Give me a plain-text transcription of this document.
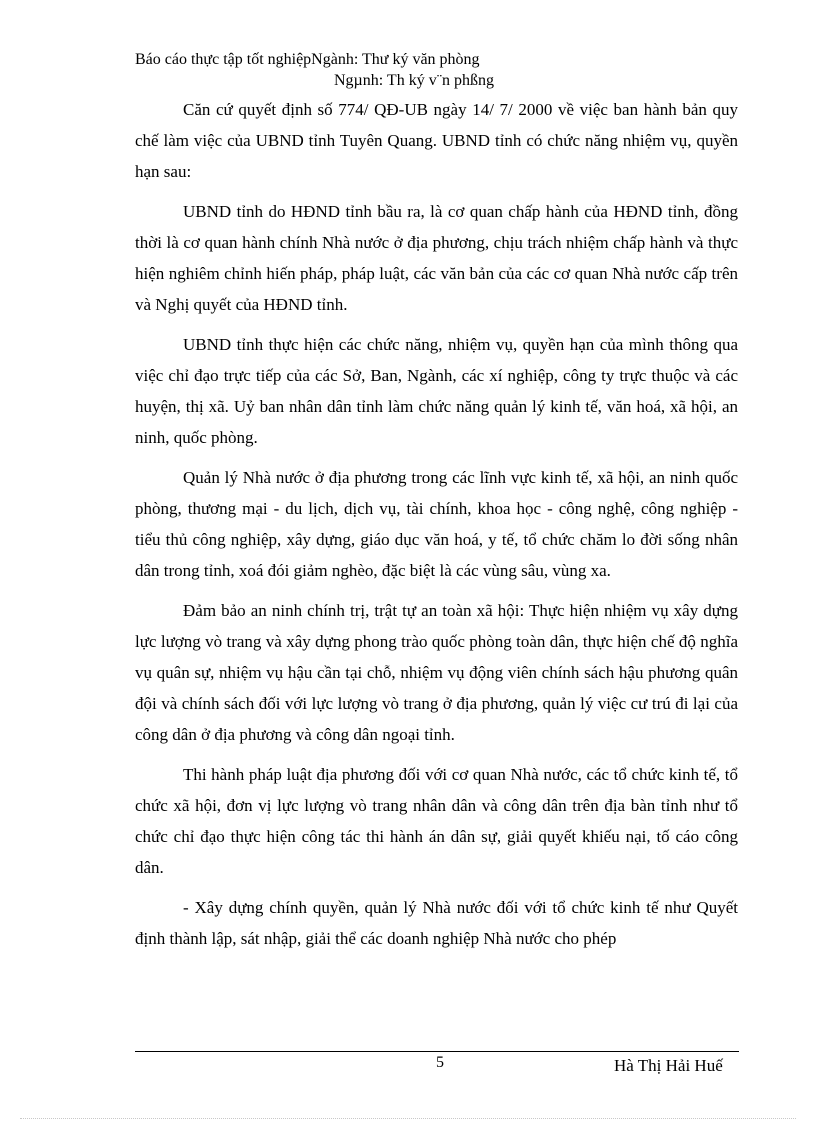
Báo cáo thực tập tốt nghiệpNgành: Thư ký văn phòng
Ngµnh: Th ký v¨n phßng

Căn cứ quyết định số 774/ QĐ-UB ngày 14/ 7/ 2000 về việc ban hành bản quy chế làm việc của UBND tỉnh Tuyên Quang. UBND tỉnh có chức năng nhiệm vụ, quyền hạn sau:

UBND tỉnh do HĐND tỉnh bầu ra, là cơ quan chấp hành của HĐND tỉnh, đồng thời là cơ quan hành chính Nhà nước ở địa phương, chịu trách nhiệm chấp hành và thực hiện nghiêm chỉnh hiến pháp, pháp luật, các văn bản của các cơ quan Nhà nước cấp trên và Nghị quyết của HĐND tỉnh.

UBND tỉnh thực hiện các chức năng, nhiệm vụ, quyền hạn của mình thông qua việc chỉ đạo trực tiếp của các Sở, Ban, Ngành, các xí nghiệp, công ty trực thuộc và các huyện, thị xã. Uỷ ban nhân dân tỉnh làm chức năng quản lý kinh tế, văn hoá, xã hội, an ninh, quốc phòng.

Quản lý Nhà nước ở địa phương trong các lĩnh vực kinh tế, xã hội, an ninh quốc phòng, thương mại - du lịch, dịch vụ, tài chính, khoa học - công nghệ, công nghiệp - tiểu thủ công nghiệp, xây dựng, giáo dục văn hoá, y tế, tổ chức chăm lo đời sống nhân dân trong tỉnh, xoá đói giảm nghèo, đặc biệt là các vùng sâu, vùng xa.

Đảm bảo an ninh chính trị, trật tự an toàn xã hội: Thực hiện nhiệm vụ xây dựng lực lượng vò trang và xây dựng phong trào quốc phòng toàn dân, thực hiện chế độ nghĩa vụ quân sự, nhiệm vụ hậu cần tại chỗ, nhiệm vụ động viên chính sách hậu phương quân đội và chính sách đối với lực lượng vò trang ở địa phương, quản lý việc cư trú đi lại của công dân ở địa phương và công dân ngoại tỉnh.

Thi hành pháp luật địa phương đối với cơ quan Nhà nước, các tổ chức kinh tế, tổ chức xã hội, đơn vị lực lượng vò trang nhân dân và công dân trên địa bàn tỉnh như tổ chức chỉ đạo thực hiện công tác thi hành án dân sự, giải quyết khiếu nại, tố cáo công dân.

- Xây dựng chính quyền, quản lý Nhà nước đối với tổ chức kinh tế như Quyết định thành lập, sát nhập, giải thể các doanh nghiệp Nhà nước cho phép

5	Hà Thị Hải Huế
